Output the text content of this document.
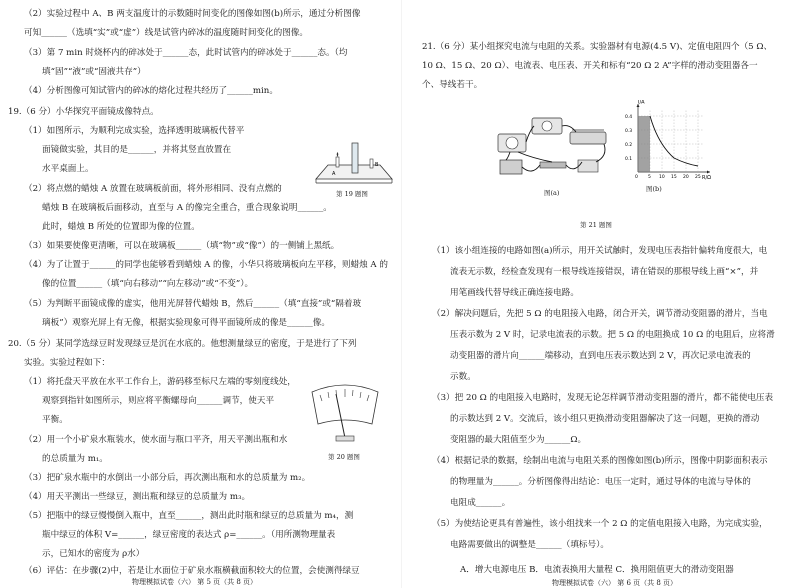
（2）实验过程中 A、B 两支温度计的示数随时间变化的图像如图(b)所示，通过分析图像
可知______（选填“实”或“虚”）线是试管内碎冰的温度随时间变化的图像。
（3）第 7 min 时烧杯内的碎冰处于______态，此时试管内的碎冰处于______态。（均
填“固”“液”或“固液共存”）
（4）分析图像可知试管内的碎冰的熔化过程共经历了______min。
19.（6 分）小华探究平面镜成像特点。
（1）如图所示，为顺利完成实验，选择透明玻璃板代替平
面镜做实验，其目的是______，并将其竖直放置在
水平桌面上。
（2）将点燃的蜡烛 A 放置在玻璃板前面，将外形相同、没有点燃的
蜡烛 B 在玻璃板后面移动，直至与 A 的像完全重合，重合现象说明______。
此时，蜡烛 B 所处的位置即为像的位置。
（3）如果要使像更清晰，可以在玻璃板______（填“物”或“像”）的一侧铺上黑纸。
（4）为了让置于______的同学也能够看到蜡烛 A 的像，小华只将玻璃板向左平移，则蜡烛 A 的
像的位置______（填“向右移动”“向左移动”或“不变”）。
（5）为判断平面镜成像的虚实，他用光屏替代蜡烛 B，然后______（填“直接”或“隔着玻
璃板”）观察光屏上有无像，根据实验现象可得平面镜所成的像是______像。
20.（5 分）某同学选绿豆时发现绿豆是沉在水底的。他想测量绿豆的密度，于是进行了下列
实验。实验过程如下：
（1）将托盘天平放在水平工作台上，游码移至标尺左端的零刻度线处，
观察到指针如图所示，则应将平衡螺母向______调节，使天平
平衡。
（2）用一个小矿泉水瓶装水，使水面与瓶口平齐，用天平测出瓶和水
的总质量为 m₁。
（3）把矿泉水瓶中的水倒出一小部分后，再次测出瓶和水的总质量为 m₂。
（4）用天平测出一些绿豆，测出瓶和绿豆的总质量为 m₃。
（5）把瓶中的绿豆慢慢倒入瓶中，直至______，测出此时瓶和绿豆的总质量为 m₄，测
瓶中绿豆的体积 V=______，绿豆密度的表达式 ρ=______。（用所测物理量表
示，已知水的密度为 ρ水）
（6）评估：在步骤(2)中，若是让水面位于矿泉水瓶横截面积较大的位置，会使测得绿豆
A
B
第 19 题图
第 20 题图
物理模拟试卷（六） 第 5 页（共 8 页）
21.（6 分）某小组探究电流与电阻的关系。实验器材有电源(4.5 V)、定值电阻四个（5 Ω、
10 Ω、15 Ω、20 Ω）、电流表、电压表、开关和标有“20 Ω 2 A”字样的滑动变阻器各一
个、导线若干。
（1）该小组连接的电路如图(a)所示，用开关试触时，发现电压表指针偏转角度很大，电
流表无示数，经检查发现有一根导线连接错误，请在错误的那根导线上画“×”，并
用笔画线代替导线正确连接电路。
（2）解决问题后，先把 5 Ω 的电阻接入电路，闭合开关，调节滑动变阻器的滑片，当电
压表示数为 2 V 时，记录电流表的示数。把 5 Ω 的电阻换成 10 Ω 的电阻后，应将滑
动变阻器的滑片向______端移动，直到电压表示数达到 2 V，再次记录电流表的
示数。
（3）把 20 Ω 的电阻接入电路时，发现无论怎样调节滑动变阻器的滑片，都不能使电压表
的示数达到 2 V。交流后，该小组只更换滑动变阻器解决了这一问题，更换的滑动
变阻器的最大阻值至少为______Ω。
（4）根据记录的数据，绘制出电流与电阻关系的图像如图(b)所示，图像中阴影面积表示
的物理量为______。分析图像得出结论：电压一定时，通过导体的电流与导体的
电阻成______。
（5）为使结论更具有普遍性，该小组找来一个 2 Ω 的定值电阻接入电路，为完成实验，
电路需要做出的调整是______（填标号）。
A．增大电源电压 B．电流表换用大量程 C．换用阻值更大的滑动变阻器
图(a)
I/A
R/Ω
0.4
0.3
0.2
0.1
0 5 10 15 20 25
图(b)
第 21 题图
物理模拟试卷（六） 第 6 页（共 8 页）
